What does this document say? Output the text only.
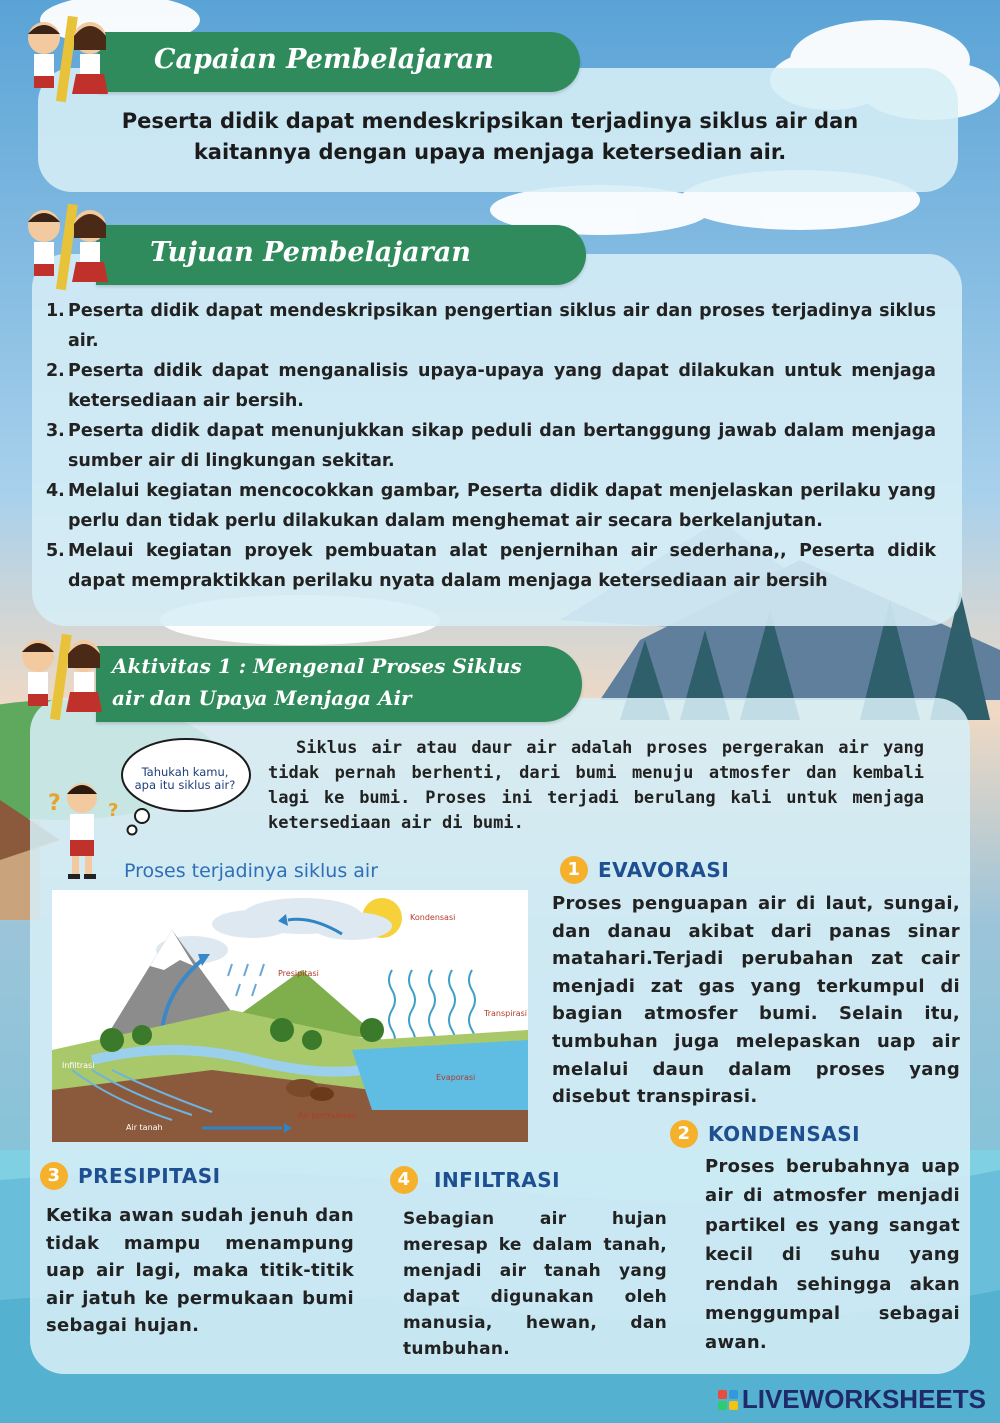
Capaian Pembelajaran
Peserta didik dapat mendeskripsikan terjadinya siklus air dan kaitannya dengan upaya menjaga ketersedian air.
Tujuan Pembelajaran
1. Peserta didik dapat mendeskripsikan pengertian siklus air dan proses terjadinya siklus air.
2. Peserta didik dapat menganalisis upaya-upaya yang dapat dilakukan untuk menjaga ketersediaan air bersih.
3. Peserta didik dapat menunjukkan sikap peduli dan bertanggung jawab dalam menjaga sumber air di lingkungan sekitar.
4. Melalui kegiatan mencocokkan gambar, Peserta didik dapat menjelaskan perilaku yang perlu dan tidak perlu dilakukan dalam menghemat air secara berkelanjutan.
5. Melaui kegiatan proyek pembuatan alat penjernihan air sederhana,, Peserta didik dapat mempraktikkan perilaku nyata dalam menjaga ketersediaan air bersih
Aktivitas 1 : Mengenal Proses Siklus
air dan Upaya Menjaga Air
?	?
Tahukah kamu, apa itu siklus air?
Siklus air atau daur air adalah proses pergerakan air yang tidak pernah berhenti, dari bumi menuju atmosfer dan kembali lagi ke bumi. Proses ini terjadi berulang kali untuk menjaga ketersediaan air di bumi.
Proses terjadinya siklus air
Kondensasi
Presipitasi
Transpirasi
Infiltrasi
Evaporasi
Air permukaan
Air tanah
1 EVAVORASI
Proses penguapan air di laut, sungai, dan danau akibat dari panas sinar matahari.Terjadi perubahan zat cair menjadi zat gas yang terkumpul di bagian atmosfer bumi. Selain itu, tumbuhan juga melepaskan uap air melalui daun dalam proses yang disebut transpirasi.
2 KONDENSASI
Proses berubahnya uap air di atmosfer menjadi partikel es yang sangat kecil di suhu yang rendah sehingga akan menggumpal sebagai awan.
3 PRESIPITASI
Ketika awan sudah jenuh dan tidak mampu menampung uap air lagi, maka titik-titik air jatuh ke permukaan bumi sebagai hujan.
4	INFILTRASI
Sebagian air hujan meresap ke dalam tanah, menjadi air tanah yang dapat digunakan oleh manusia, hewan, dan tumbuhan.
LIVEWORKSHEETS
